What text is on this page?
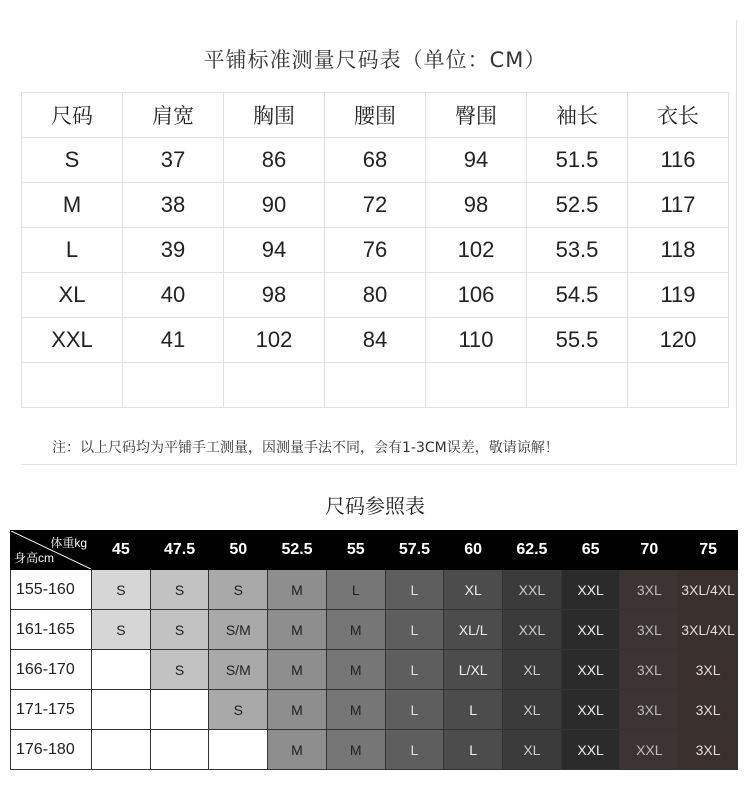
平铺标准测量尺码表（单位：CM）
尺码	肩宽	胸围	腰围	臀围	袖长	衣长
S	37	86	68	94	51.5	116
M	38	90	72	98	52.5	117
L	39	94	76	102	53.5	118
XL	40	98	80	106	54.5	119
XXL	41	102	84	110	55.5	120

注：以上尺码均为平铺手工测量，因测量手法不同，会有1-3CM误差，敬请谅解！
尺码参照表
体重kg
身高cm	45	47.5	50	52.5	55	57.5	60	62.5	65	70	75
155-160	S	S	S	M	L	L	XL	XXL	XXL	3XL	3XL/4XL
161-165	S	S	S/M	M	M	L	XL/L	XXL	XXL	3XL	3XL/4XL
166-170		S	S/M	M	M	L	L/XL	XL	XXL	3XL	3XL
171-175			S	M	M	L	L	XL	XXL	3XL	3XL
176-180				M	M	L	L	XL	XXL	XXL	3XL
